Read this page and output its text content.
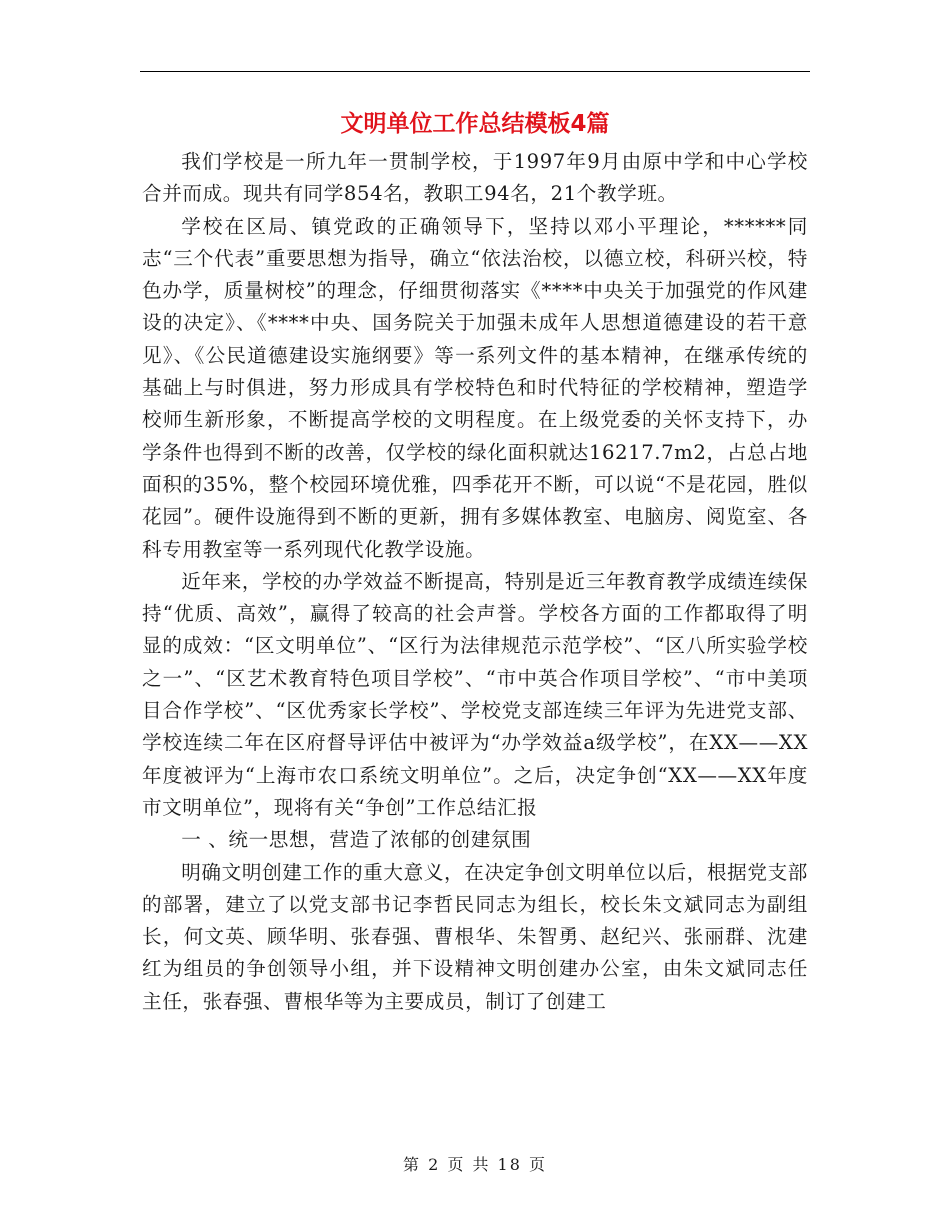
文明单位工作总结模板4篇

我们学校是一所九年一贯制学校，于1997年9月由原中学和中心学校合并而成。现共有同学854名，教职工94名，21个教学班。

学校在区局、镇党政的正确领导下，坚持以邓小平理论，******同志“三个代表”重要思想为指导，确立“依法治校，以德立校，科研兴校，特色办学，质量树校”的理念，仔细贯彻落实《****中央关于加强党的作风建设的决定》、《****中央、国务院关于加强未成年人思想道德建设的若干意见》、《公民道德建设实施纲要》等一系列文件的基本精神，在继承传统的基础上与时俱进，努力形成具有学校特色和时代特征的学校精神，塑造学校师生新形象，不断提高学校的文明程度。在上级党委的关怀支持下，办学条件也得到不断的改善，仅学校的绿化面积就达16217.7m2，占总占地面积的35%，整个校园环境优雅，四季花开不断，可以说“不是花园，胜似花园”。硬件设施得到不断的更新，拥有多媒体教室、电脑房、阅览室、各科专用教室等一系列现代化教学设施。

近年来，学校的办学效益不断提高，特别是近三年教育教学成绩连续保持“优质、高效”，赢得了较高的社会声誉。学校各方面的工作都取得了明显的成效：“区文明单位”、“区行为法律规范示范学校”、“区八所实验学校之一”、“区艺术教育特色项目学校”、“市中英合作项目学校”、“市中美项目合作学校”、“区优秀家长学校”、学校党支部连续三年评为先进党支部、学校连续二年在区府督导评估中被评为“办学效益a级学校”，在XX——XX年度被评为“上海市农口系统文明单位”。之后，决定争创“XX——XX年度市文明单位”，现将有关“争创”工作总结汇报

一 、统一思想，营造了浓郁的创建氛围

明确文明创建工作的重大意义，在决定争创文明单位以后，根据党支部的部署，建立了以党支部书记李哲民同志为组长，校长朱文斌同志为副组长，何文英、顾华明、张春强、曹根华、朱智勇、赵纪兴、张丽群、沈建红为组员的争创领导小组，并下设精神文明创建办公室，由朱文斌同志任主任，张春强、曹根华等为主要成员，制订了创建工

第 2 页 共 18 页
